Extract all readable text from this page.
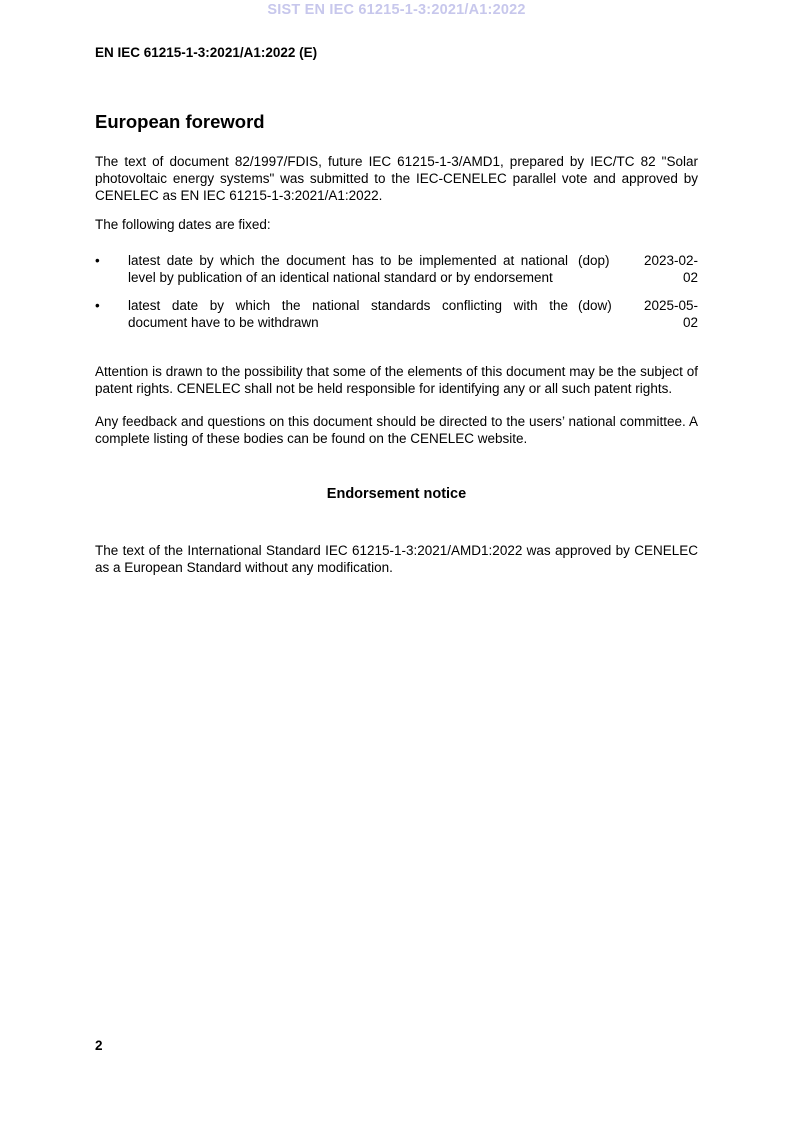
SIST EN IEC 61215-1-3:2021/A1:2022
EN IEC 61215-1-3:2021/A1:2022 (E)
European foreword

The text of document 82/1997/FDIS, future IEC 61215-1-3/AMD1, prepared by IEC/TC 82 "Solar photovoltaic energy systems" was submitted to the IEC-CENELEC parallel vote and approved by CENELEC as EN IEC 61215-1-3:2021/A1:2022.

The following dates are fixed:
•	latest date by which the document has to be implemented at national
level by publication of an identical national standard or by endorsement
(dop)	2023-02-02
•	latest date by which the national standards conflicting with the
document have to be withdrawn
(dow)	2025-05-02

Attention is drawn to the possibility that some of the elements of this document may be the subject of patent rights. CENELEC shall not be held responsible for identifying any or all such patent rights.

Any feedback and questions on this document should be directed to the users’ national committee. A complete listing of these bodies can be found on the CENELEC website.

Endorsement notice

The text of the International Standard IEC 61215-1-3:2021/AMD1:2022 was approved by CENELEC as a European Standard without any modification.

2
